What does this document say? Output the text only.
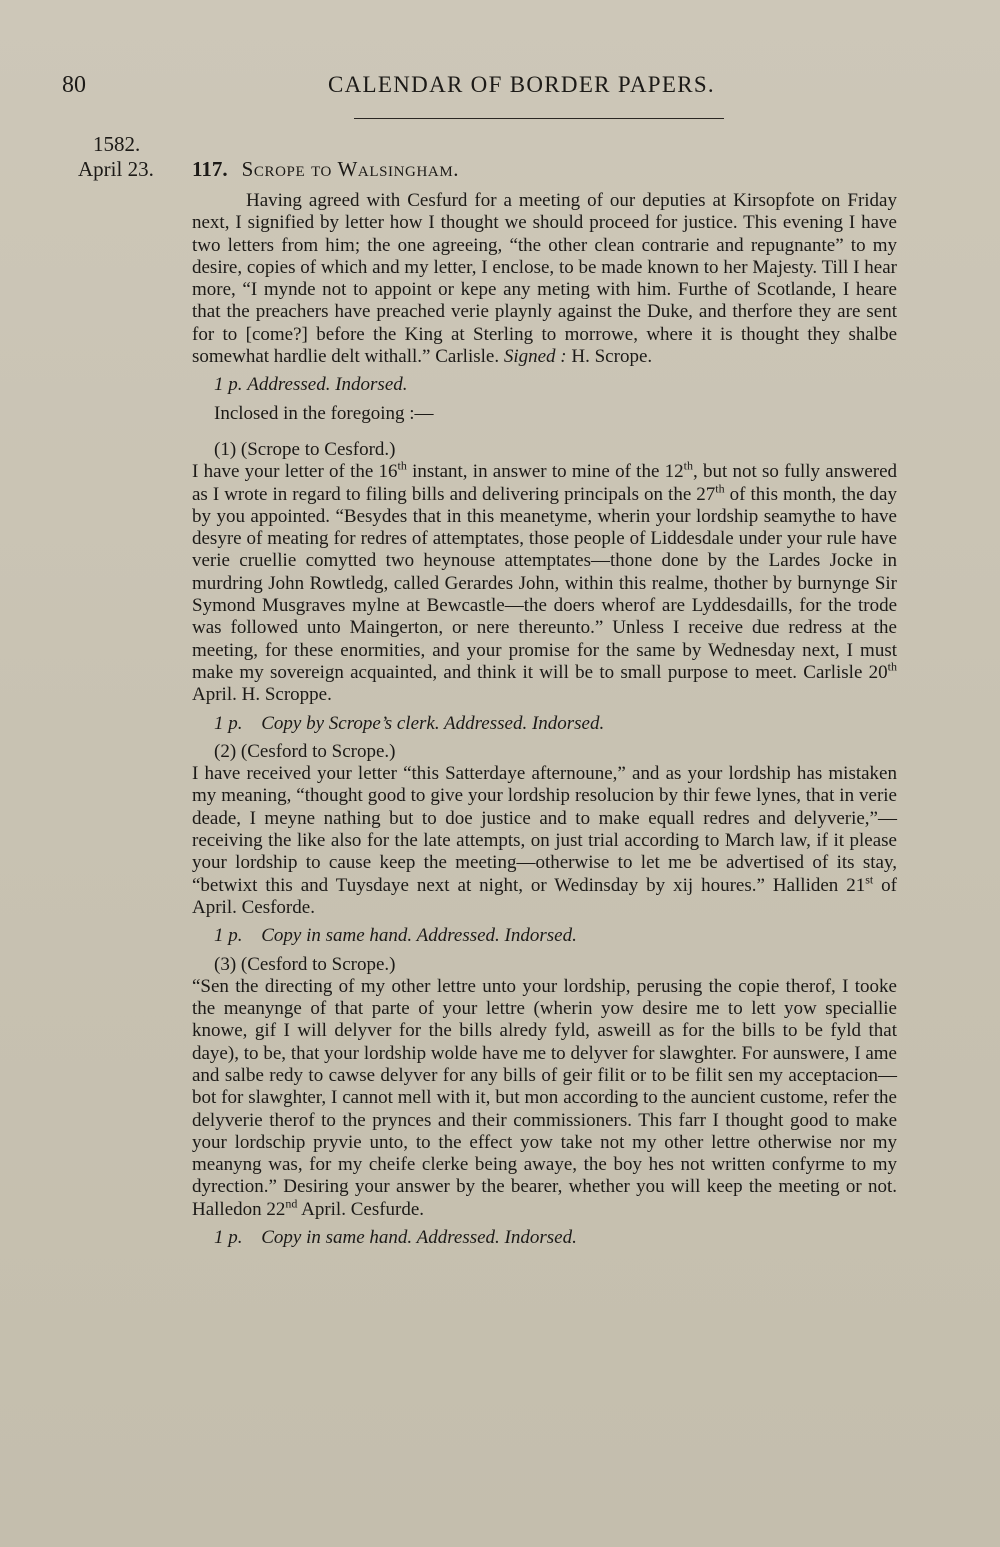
80	CALENDAR OF BORDER PAPERS.
1582.
April 23. 117. Scrope to Walsingham.

Having agreed with Cesfurd for a meeting of our deputies at Kirsopfote on Friday next, I signified by letter how I thought we should proceed for justice. This evening I have two letters from him; the one agreeing, “the other clean contrarie and repugnante” to my desire, copies of which and my letter, I enclose, to be made known to her Majesty. Till I hear more, “I mynde not to appoint or kepe any meting with him. Furthe of Scotlande, I heare that the preachers have preached verie playnly against the Duke, and therfore they are sent for to [come?] before the King at Sterling to morrowe, where it is thought they shalbe somewhat hardlie delt withall.” Carlisle. Signed : H. Scrope.

1 p. Addressed. Indorsed.

Inclosed in the foregoing :—

(1) (Scrope to Cesford.)

I have your letter of the 16th instant, in answer to mine of the 12th, but not so fully answered as I wrote in regard to filing bills and delivering principals on the 27th of this month, the day by you appointed. “Besydes that in this meanetyme, wherin your lordship seamythe to have desyre of meating for redres of attemptates, those people of Liddesdale under your rule have verie cruellie comytted two heynouse attemptates—thone done by the Lardes Jocke in murdring John Rowtledg, called Gerardes John, within this realme, thother by burnynge Sir Symond Musgraves mylne at Bewcastle—the doers wherof are Lyddesdaills, for the trode was followed unto Maingerton, or nere thereunto.” Unless I receive due redress at the meeting, for these enormities, and your promise for the same by Wednesday next, I must make my sovereign acquainted, and think it will be to small purpose to meet. Carlisle 20th April. H. Scroppe.

1 p. Copy by Scrope’s clerk. Addressed. Indorsed.

(2) (Cesford to Scrope.)

I have received your letter “this Satterdaye afternoune,” and as your lordship has mistaken my meaning, “thought good to give your lordship resolucion by thir fewe lynes, that in verie deade, I meyne nathing but to doe justice and to make equall redres and delyverie,”—receiving the like also for the late attempts, on just trial according to March law, if it please your lordship to cause keep the meeting—otherwise to let me be advertised of its stay, “betwixt this and Tuysdaye next at night, or Wedinsday by xij houres.” Halliden 21st of April. Cesforde.

1 p. Copy in same hand. Addressed. Indorsed.

(3) (Cesford to Scrope.)

“Sen the directing of my other lettre unto your lordship, perusing the copie therof, I tooke the meanynge of that parte of your lettre (wherin yow desire me to lett yow speciallie knowe, gif I will delyver for the bills alredy fyld, asweill as for the bills to be fyld that daye), to be, that your lordship wolde have me to delyver for slawghter. For aunswere, I ame and salbe redy to cawse delyver for any bills of geir filit or to be filit sen my acceptacion—bot for slawghter, I cannot mell with it, but mon according to the auncient custome, refer the delyverie therof to the prynces and their commissioners. This farr I thought good to make your lordschip pryvie unto, to the effect yow take not my other lettre otherwise nor my meanyng was, for my cheife clerke being awaye, the boy hes not written confyrme to my dyrection.” Desiring your answer by the bearer, whether you will keep the meeting or not. Halledon 22nd April. Cesfurde.

1 p. Copy in same hand. Addressed. Indorsed.
